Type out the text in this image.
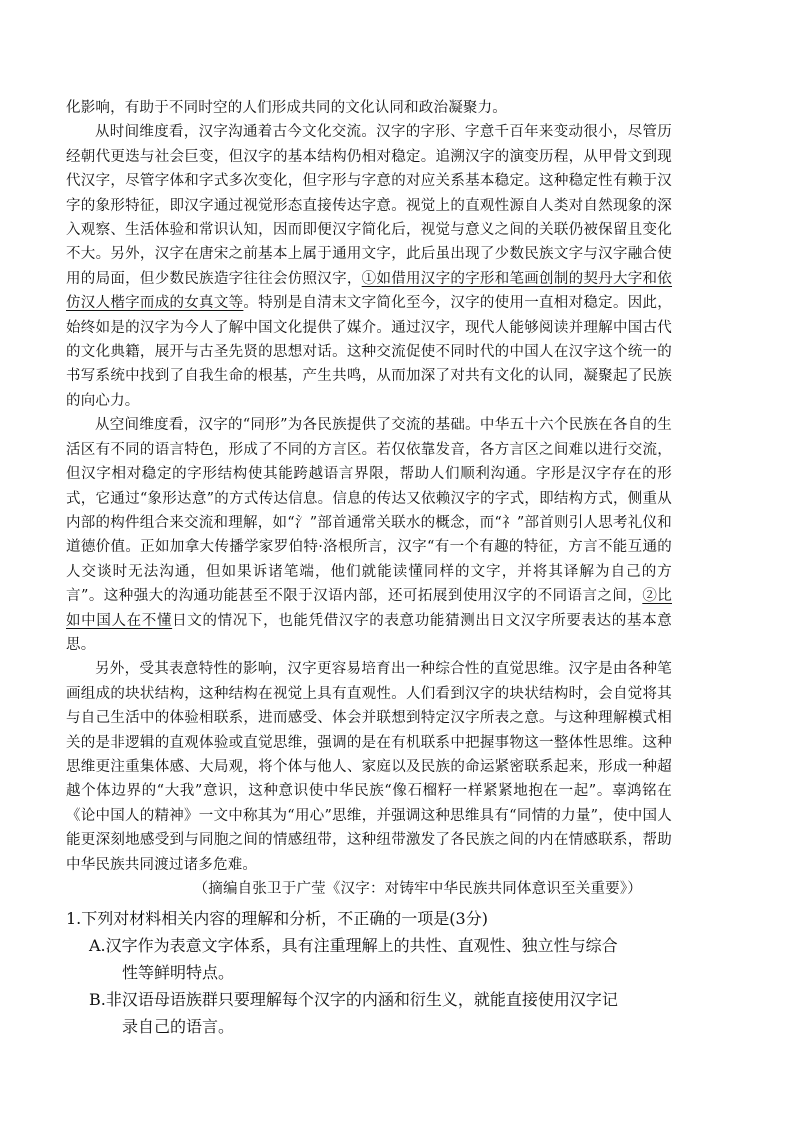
化影响，有助于不同时空的人们形成共同的文化认同和政治凝聚力。

从时间维度看，汉字沟通着古今文化交流。汉字的字形、字意千百年来变动很小，尽管历经朝代更迭与社会巨变，但汉字的基本结构仍相对稳定。追溯汉字的演变历程，从甲骨文到现代汉字，尽管字体和字式多次变化，但字形与字意的对应关系基本稳定。这种稳定性有赖于汉字的象形特征，即汉字通过视觉形态直接传达字意。视觉上的直观性源自人类对自然现象的深入观察、生活体验和常识认知，因而即便汉字简化后，视觉与意义之间的关联仍被保留且变化不大。另外，汉字在唐宋之前基本上属于通用文字，此后虽出现了少数民族文字与汉字融合使用的局面，但少数民族造字往往会仿照汉字，①如借用汉字的字形和笔画创制的契丹大字和依仿汉人楷字而成的女真文等。特别是自清末文字简化至今，汉字的使用一直相对稳定。因此，始终如是的汉字为今人了解中国文化提供了媒介。通过汉字，现代人能够阅读并理解中国古代的文化典籍，展开与古圣先贤的思想对话。这种交流促使不同时代的中国人在汉字这个统一的书写系统中找到了自我生命的根基，产生共鸣，从而加深了对共有文化的认同，凝聚起了民族的向心力。

从空间维度看，汉字的“同形”为各民族提供了交流的基础。中华五十六个民族在各自的生活区有不同的语言特色，形成了不同的方言区。若仅依靠发音，各方言区之间难以进行交流，但汉字相对稳定的字形结构使其能跨越语言界限，帮助人们顺利沟通。字形是汉字存在的形式，它通过“象形达意”的方式传达信息。信息的传达又依赖汉字的字式，即结构方式，侧重从内部的构件组合来交流和理解，如“氵”部首通常关联水的概念，而“礻”部首则引人思考礼仪和道德价值。正如加拿大传播学家罗伯特·洛根所言，汉字“有一个有趣的特征，方言不能互通的人交谈时无法沟通，但如果诉诸笔端，他们就能读懂同样的文字，并将其译解为自己的方言”。这种强大的沟通功能甚至不限于汉语内部，还可拓展到使用汉字的不同语言之间，②比如中国人在不懂日文的情况下，也能凭借汉字的表意功能猜测出日文汉字所要表达的基本意思。

另外，受其表意特性的影响，汉字更容易培育出一种综合性的直觉思维。汉字是由各种笔画组成的块状结构，这种结构在视觉上具有直观性。人们看到汉字的块状结构时，会自觉将其与自己生活中的体验相联系，进而感受、体会并联想到特定汉字所表之意。与这种理解模式相关的是非逻辑的直观体验或直觉思维，强调的是在有机联系中把握事物这一整体性思维。这种思维更注重集体感、大局观，将个体与他人、家庭以及民族的命运紧密联系起来，形成一种超越个体边界的“大我”意识，这种意识使中华民族“像石榴籽一样紧紧地抱在一起”。辜鸿铭在《论中国人的精神》一文中称其为“用心”思维，并强调这种思维具有“同情的力量”，使中国人能更深刻地感受到与同胞之间的情感纽带，这种纽带激发了各民族之间的内在情感联系，帮助中华民族共同渡过诸多危难。

（摘编自张卫于广莹《汉字：对铸牢中华民族共同体意识至关重要》）

1.下列对材料相关内容的理解和分析，不正确的一项是(3分)

A.汉字作为表意文字体系，具有注重理解上的共性、直观性、独立性与综合
性等鲜明特点。

B.非汉语母语族群只要理解每个汉字的内涵和衍生义，就能直接使用汉字记
录自己的语言。
